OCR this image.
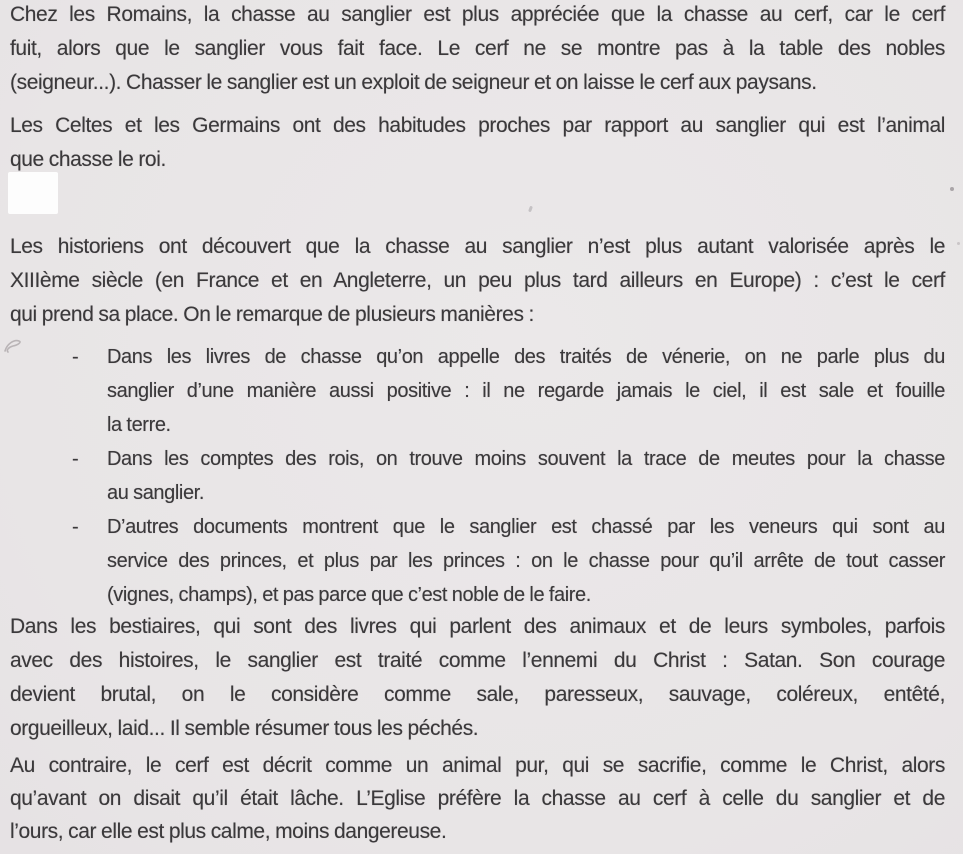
Chez les Romains, la chasse au sanglier est plus appréciée que la chasse au cerf, car le cerf
fuit, alors que le sanglier vous fait face. Le cerf ne se montre pas à la table des nobles
(seigneur...). Chasser le sanglier est un exploit de seigneur et on laisse le cerf aux paysans.
Les Celtes et les Germains ont des habitudes proches par rapport au sanglier qui est l’animal
que chasse le roi.
Les historiens ont découvert que la chasse au sanglier n’est plus autant valorisée après le
XIIIème siècle (en France et en Angleterre, un peu plus tard ailleurs en Europe) : c’est le cerf
qui prend sa place. On le remarque de plusieurs manières :
- Dans les livres de chasse qu’on appelle des traités de vénerie, on ne parle plus du
sanglier d’une manière aussi positive : il ne regarde jamais le ciel, il est sale et fouille
la terre.
- Dans les comptes des rois, on trouve moins souvent la trace de meutes pour la chasse
au sanglier.
- D’autres documents montrent que le sanglier est chassé par les veneurs qui sont au
service des princes, et plus par les princes : on le chasse pour qu’il arrête de tout casser
(vignes, champs), et pas parce que c’est noble de le faire.
Dans les bestiaires, qui sont des livres qui parlent des animaux et de leurs symboles, parfois
avec des histoires, le sanglier est traité comme l’ennemi du Christ : Satan. Son courage
devient brutal, on le considère comme sale, paresseux, sauvage, coléreux, entêté,
orgueilleux, laid... Il semble résumer tous les péchés.
Au contraire, le cerf est décrit comme un animal pur, qui se sacrifie, comme le Christ, alors
qu’avant on disait qu’il était lâche. L’Eglise préfère la chasse au cerf à celle du sanglier et de
l’ours, car elle est plus calme, moins dangereuse.
